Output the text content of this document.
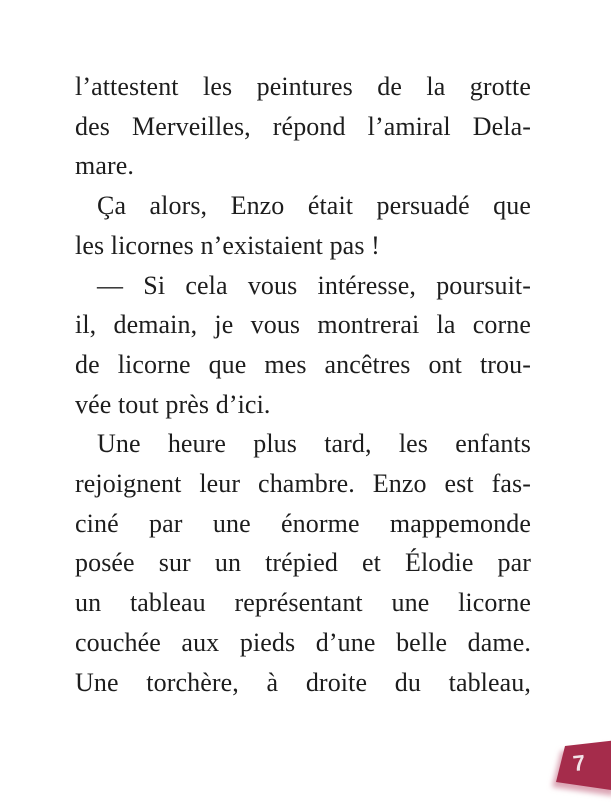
l’attestent les peintures de la grotte
des Merveilles, répond l’amiral Dela-
mare.
Ça alors, Enzo était persuadé que
les licornes n’existaient pas !
— Si cela vous intéresse, poursuit-
il, demain, je vous montrerai la corne
de licorne que mes ancêtres ont trou-
vée tout près d’ici.
Une heure plus tard, les enfants
rejoignent leur chambre. Enzo est fas-
ciné par une énorme mappemonde
posée sur un trépied et Élodie par
un tableau représentant une licorne
couchée aux pieds d’une belle dame.
Une torchère, à droite du tableau,
7
